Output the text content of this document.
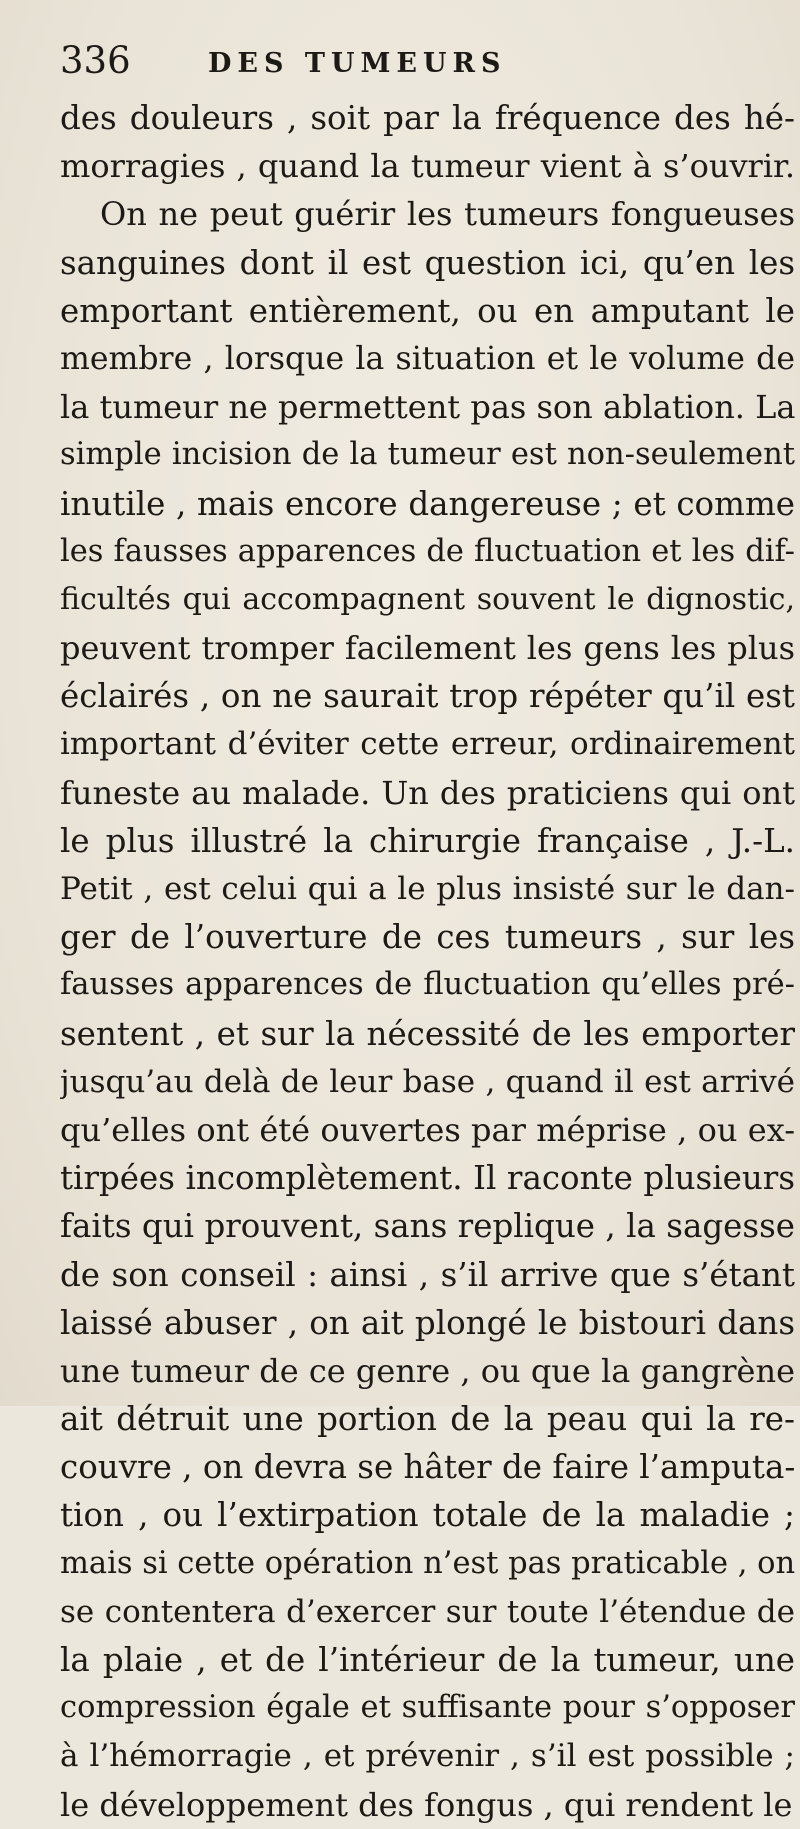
336	DES TUMEURS
des douleurs , soit par la fréquence des hé-
morragies , quand la tumeur vient à s’ouvrir.
On ne peut guérir les tumeurs fongueuses
sanguines dont il est question ici, qu’en les
emportant entièrement, ou en amputant le
membre , lorsque la situation et le volume de
la tumeur ne permettent pas son ablation. La
simple incision de la tumeur est non-seulement
inutile , mais encore dangereuse ; et comme
les fausses apparences de fluctuation et les dif-
ficultés qui accompagnent souvent le dignostic,
peuvent tromper facilement les gens les plus
éclairés , on ne saurait trop répéter qu’il est
important d’éviter cette erreur, ordinairement
funeste au malade. Un des praticiens qui ont
le plus illustré la chirurgie française , J.-L.
Petit , est celui qui a le plus insisté sur le dan-
ger de l’ouverture de ces tumeurs , sur les
fausses apparences de fluctuation qu’elles pré-
sentent , et sur la nécessité de les emporter
jusqu’au delà de leur base , quand il est arrivé
qu’elles ont été ouvertes par méprise , ou ex-
tirpées incomplètement. Il raconte plusieurs
faits qui prouvent, sans replique , la sagesse
de son conseil : ainsi , s’il arrive que s’étant
laissé abuser , on ait plongé le bistouri dans
une tumeur de ce genre , ou que la gangrène
ait détruit une portion de la peau qui la re-
couvre , on devra se hâter de faire l’amputa-
tion , ou l’extirpation totale de la maladie ;
mais si cette opération n’est pas praticable , on
se contentera d’exercer sur toute l’étendue de
la plaie , et de l’intérieur de la tumeur, une
compression égale et suffisante pour s’opposer
à l’hémorragie , et prévenir , s’il est possible ;
le développement des fongus , qui rendent le
